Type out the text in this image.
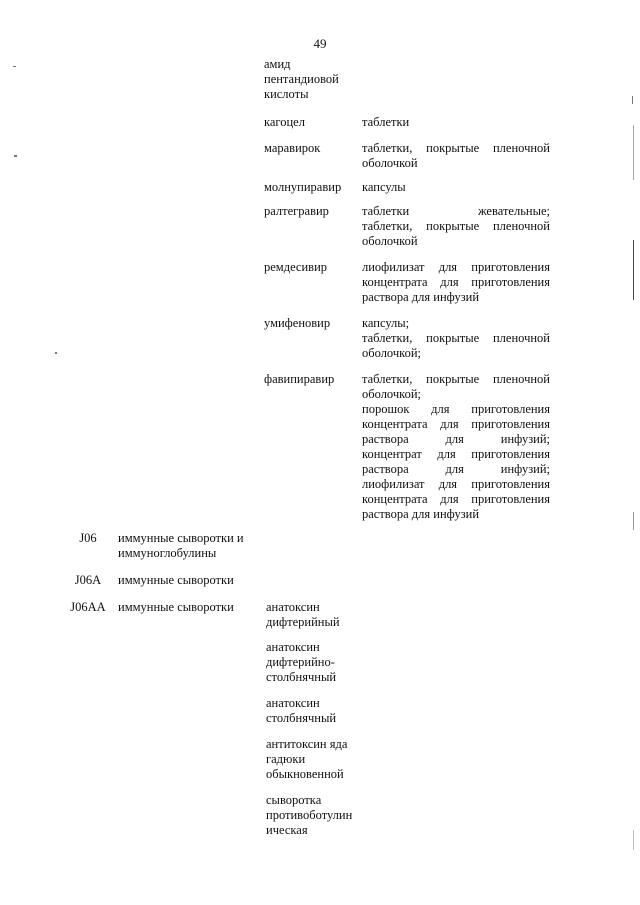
49
амид
пентандиовой
кислоты
кагоцел	таблетки
маравирок	таблетки, покрытые пленочной
оболочкой
молнупиравир	капсулы
ралтегравир	таблетки жевательные;
таблетки, покрытые пленочной
оболочкой
ремдесивир	лиофилизат для приготовления
концентрата для приготовления
раствора для инфузий
умифеновир	капсулы;
таблетки, покрытые пленочной
оболочкой;
фавипиравир	таблетки, покрытые пленочной
оболочкой;
порошок для приготовления
концентрата для приготовления
раствора для инфузий;
концентрат для приготовления
раствора для инфузий;
лиофилизат для приготовления
концентрата для приготовления
раствора для инфузий
J06	иммунные сыворотки и
иммуноглобулины
J06A	иммунные сыворотки
J06AA иммунные сыворотки	анатоксин
дифтерийный
анатоксин
дифтерийно-
столбнячный
анатоксин
столбнячный
антитоксин яда
гадюки
обыкновенной
сыворотка
противоботулин
ическая
